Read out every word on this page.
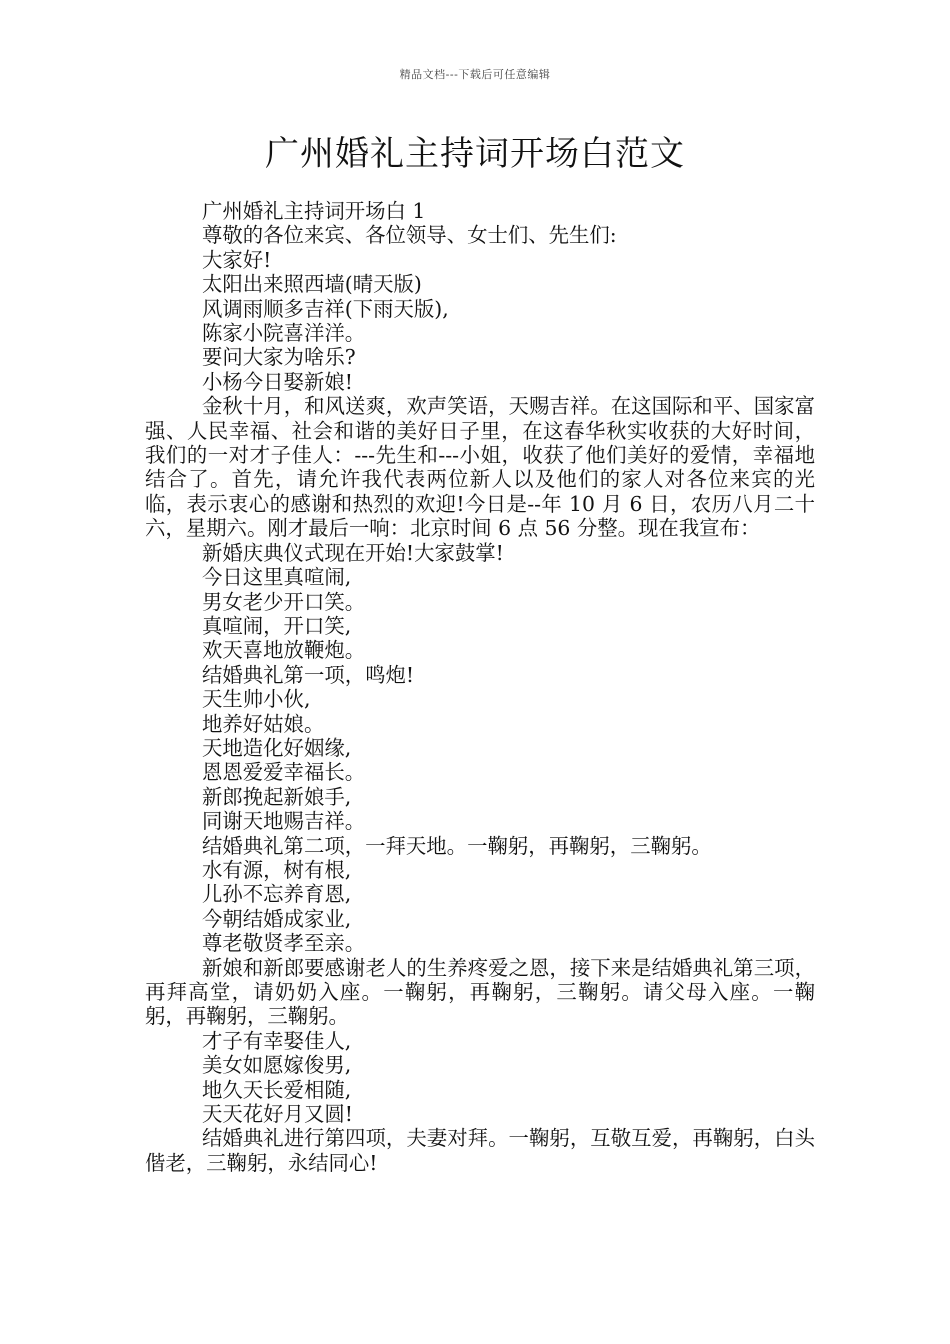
精品文档---下载后可任意编辑
广州婚礼主持词开场白范文

广州婚礼主持词开场白 1

尊敬的各位来宾、各位领导、女士们、先生们:

大家好!

太阳出来照西墙(晴天版)

风调雨顺多吉祥(下雨天版),

陈家小院喜洋洋。

要问大家为啥乐?

小杨今日娶新娘!

金秋十月，和风送爽，欢声笑语，天赐吉祥。在这国际和平、国家富强、人民幸福、社会和谐的美好日子里，在这春华秋实收获的大好时间，我们的一对才子佳人：---先生和---小姐，收获了他们美好的爱情，幸福地结合了。首先，请允许我代表两位新人以及他们的家人对各位来宾的光临，表示衷心的感谢和热烈的欢迎!今日是--年 10 月 6 日，农历八月二十六，星期六。刚才最后一响：北京时间 6 点 56 分整。现在我宣布：

新婚庆典仪式现在开始!大家鼓掌!

今日这里真喧闹,

男女老少开口笑。

真喧闹，开口笑,

欢天喜地放鞭炮。

结婚典礼第一项，鸣炮!

天生帅小伙,

地养好姑娘。

天地造化好姻缘,

恩恩爱爱幸福长。

新郎挽起新娘手,

同谢天地赐吉祥。

结婚典礼第二项，一拜天地。一鞠躬，再鞠躬，三鞠躬。

水有源，树有根,

儿孙不忘养育恩,

今朝结婚成家业,

尊老敬贤孝至亲。

新娘和新郎要感谢老人的生养疼爱之恩，接下来是结婚典礼第三项，再拜高堂，请奶奶入座。一鞠躬，再鞠躬，三鞠躬。请父母入座。一鞠躬，再鞠躬，三鞠躬。

才子有幸娶佳人,

美女如愿嫁俊男,

地久天长爱相随,

天天花好月又圆!

结婚典礼进行第四项，夫妻对拜。一鞠躬，互敬互爱，再鞠躬，白头偕老，三鞠躬，永结同心!
